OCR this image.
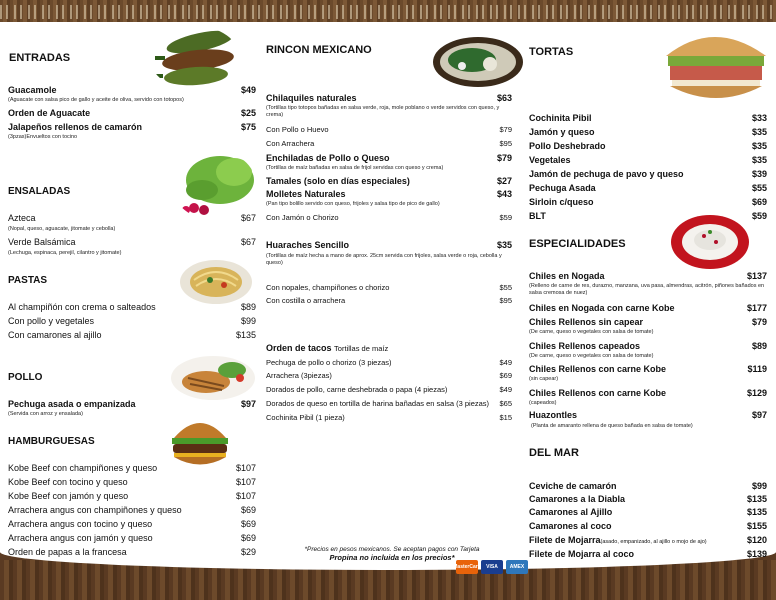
ENTRADAS
Guacamole	$49
(Aguacate con salsa pico de gallo y aceite de oliva, servido con totopos)
Orden de Aguacate	$25
Jalapeños rellenos de camarón	$75
(3pzas)Envueltos con tocino
ENSALADAS
Azteca	$67
(Nopal, queso, aguacate, jitomate y cebolla)
Verde Balsámica	$67
(Lechuga, espinaca, perejil, cilantro y jitomate)
PASTAS
Al champiñón con crema o salteados	$89
Con pollo y vegetales	$99
Con camarones al ajillo	$135
POLLO
Pechuga asada o empanizada	$97
(Servida con arroz y ensalada)
HAMBURGUESAS
Kobe Beef con champiñones y queso	$107
Kobe Beef con tocino y queso	$107
Kobe Beef con jamón y queso	$107
Arrachera angus con champiñones y queso	$69
Arrachera angus con tocino y queso	$69
Arrachera angus con jamón y queso	$69
Orden de papas a la francesa	$29
RINCON MEXICANO
Chilaquiles naturales	$63
(Tortillas tipo totopos bañadas en salsa verde, roja, mole poblano o verde servidos con queso, y crema)
Con Pollo o Huevo	$79
Con Arrachera	$95
Enchiladas de Pollo o Queso	$79
(Tortillas de maíz bañadas en salsa de frijol servidas con queso y crema)
Tamales (solo en días especiales)	$27
Molletes Naturales	$43
(Pan tipo bolillo servido con queso, frijoles y salsa tipo de pico de gallo)
Con Jamón o Chorizo	$59
Huaraches Sencillo	$35
(Tortillas de maíz hecha a mano de aprox. 25cm servida con frijoles, salsa verde o roja, cebolla y queso)
Con nopales, champiñones o chorizo	$55
Con costilla o arrachera	$95
Orden de tacos Tortillas de maíz
Pechuga de pollo o chorizo (3 piezas)	$49
Arrachera (3piezas)	$69
Dorados de pollo, carne deshebrada o papa (4 piezas)	$49
Dorados de queso en tortilla de harina bañadas en salsa (3 piezas) $65
Cochinita Pibil (1 pieza)	$15
*Precios en pesos mexicanos. Se aceptan pagos con Tarjeta
Propina no incluida en los precios*
MasterCard	VISA	AMEX
TORTAS
Cochinita Pibil	$33
Jamón y queso	$35
Pollo Deshebrado	$35
Vegetales	$35
Jamón de pechuga de pavo y queso	$39
Pechuga Asada	$55
Sirloin c/queso	$69
BLT	$59
ESPECIALIDADES
Chiles en Nogada	$137
(Relleno de carne de res, durazno, manzana, uva pasa, almendras, acitrón, piñones bañados en salsa cremosa de nuez)
Chiles en Nogada con carne Kobe	$177
Chiles Rellenos sin capear	$79
(De carne, queso o vegetales con salsa de tomate)
Chiles Rellenos capeados	$89
(De carne, queso o vegetales con salsa de tomate)
Chiles Rellenos con carne Kobe	$119
(sin capear)
Chiles Rellenos con carne Kobe	$129
(capeados)
Huazontles	$97
(Planta de amaranto rellena de queso bañada en salsa de tomate)
DEL MAR
Ceviche de camarón	$99
Camarones a la Diabla	$135
Camarones al Ajillo	$135
Camarones al coco	$155
Filete de Mojarra(asado, empanizado, al ajillo o mojo de ajo)	$120
Filete de Mojarra al coco	$139
